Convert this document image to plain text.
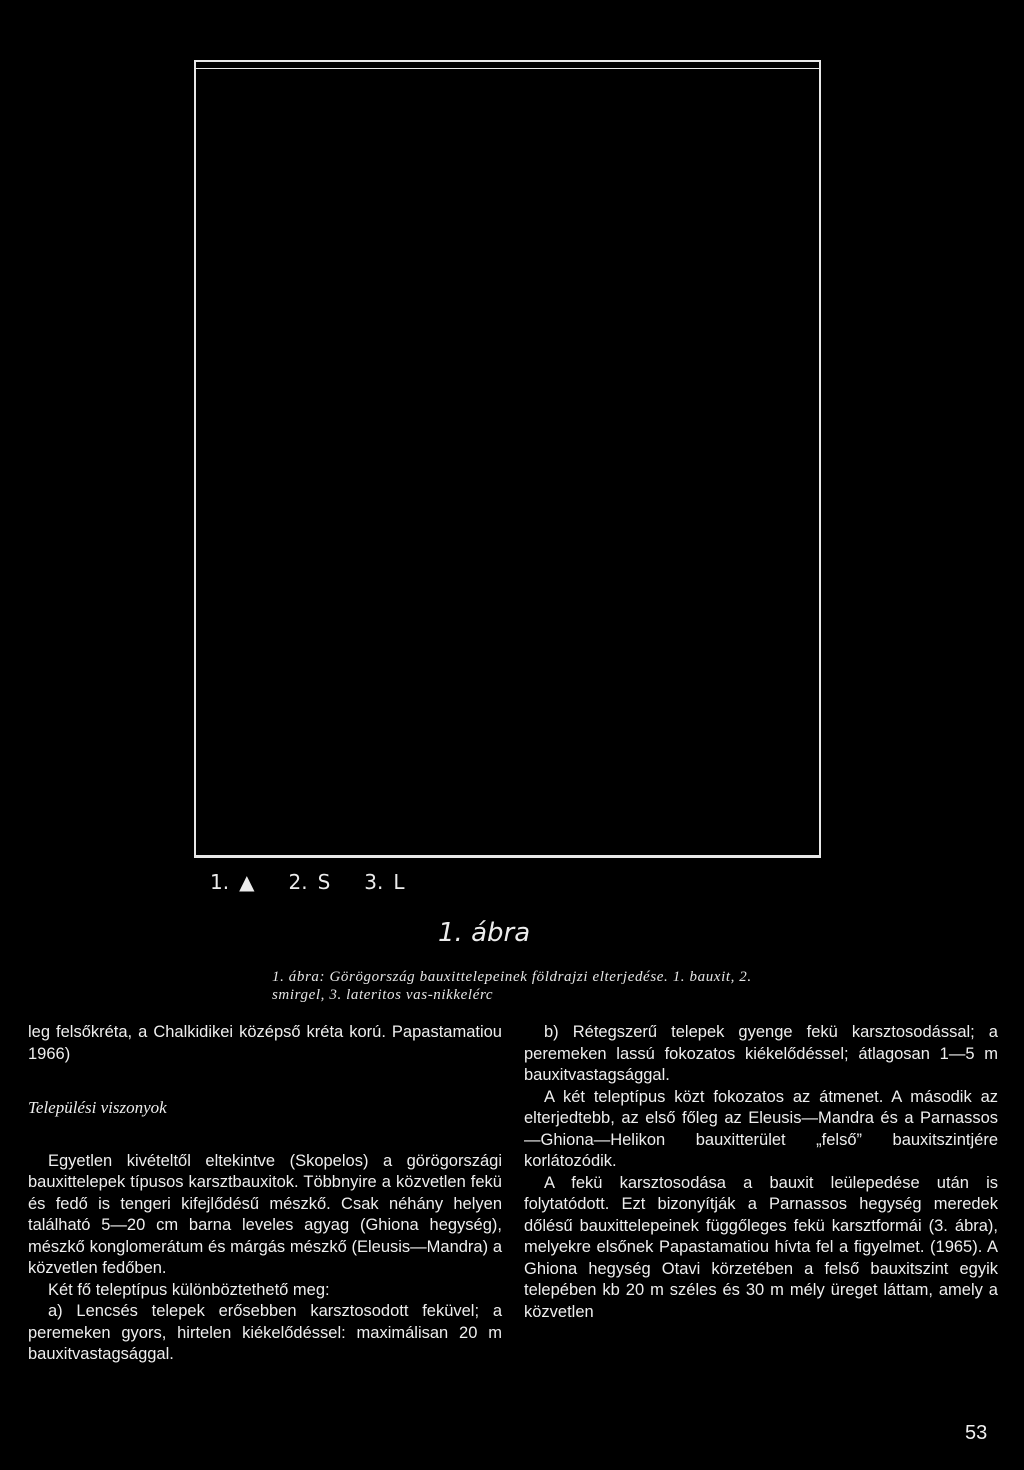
1. ▲ 2. S 3. L
1. ábra
1. ábra: Görögország bauxittelepeinek földrajzi elterjedése. 1. bauxit, 2. smirgel, 3. lateritos vas-nikkelérc

leg felsőkréta, a Chalkidikei középső kréta korú. Papastamatiou 1966)

Települési viszonyok

Egyetlen kivételtől eltekintve (Skopelos) a görögországi bauxittelepek típusos karsztbauxitok. Többnyire a közvetlen fekü és fedő is tengeri kifejlődésű mészkő. Csak néhány helyen található 5—20 cm barna leveles agyag (Ghiona hegység), mészkő konglomerátum és márgás mészkő (Eleusis—Mandra) a közvetlen fedőben.

Két fő teleptípus különböztethető meg:

a) Lencsés telepek erősebben karsztosodott feküvel; a peremeken gyors, hirtelen kiékelődéssel: maximálisan 20 m bauxitvastagsággal.

b) Rétegszerű telepek gyenge fekü karsztosodással; a peremeken lassú fokozatos kiékelődéssel; átlagosan 1—5 m bauxitvastagsággal.

A két teleptípus közt fokozatos az átmenet. A második az elterjedtebb, az első főleg az Eleusis—Mandra és a Parnassos—Ghiona—Helikon bauxitterület „felső” bauxitszintjére korlátozódik.

A fekü karsztosodása a bauxit leülepedése után is folytatódott. Ezt bizonyítják a Parnassos hegység meredek dőlésű bauxittelepeinek függőleges fekü karsztformái (3. ábra), melyekre elsőnek Papastamatiou hívta fel a figyelmet. (1965). A Ghiona hegység Otavi körzetében a felső bauxitszint egyik telepében kb 20 m széles és 30 m mély üreget láttam, amely a közvetlen

53
